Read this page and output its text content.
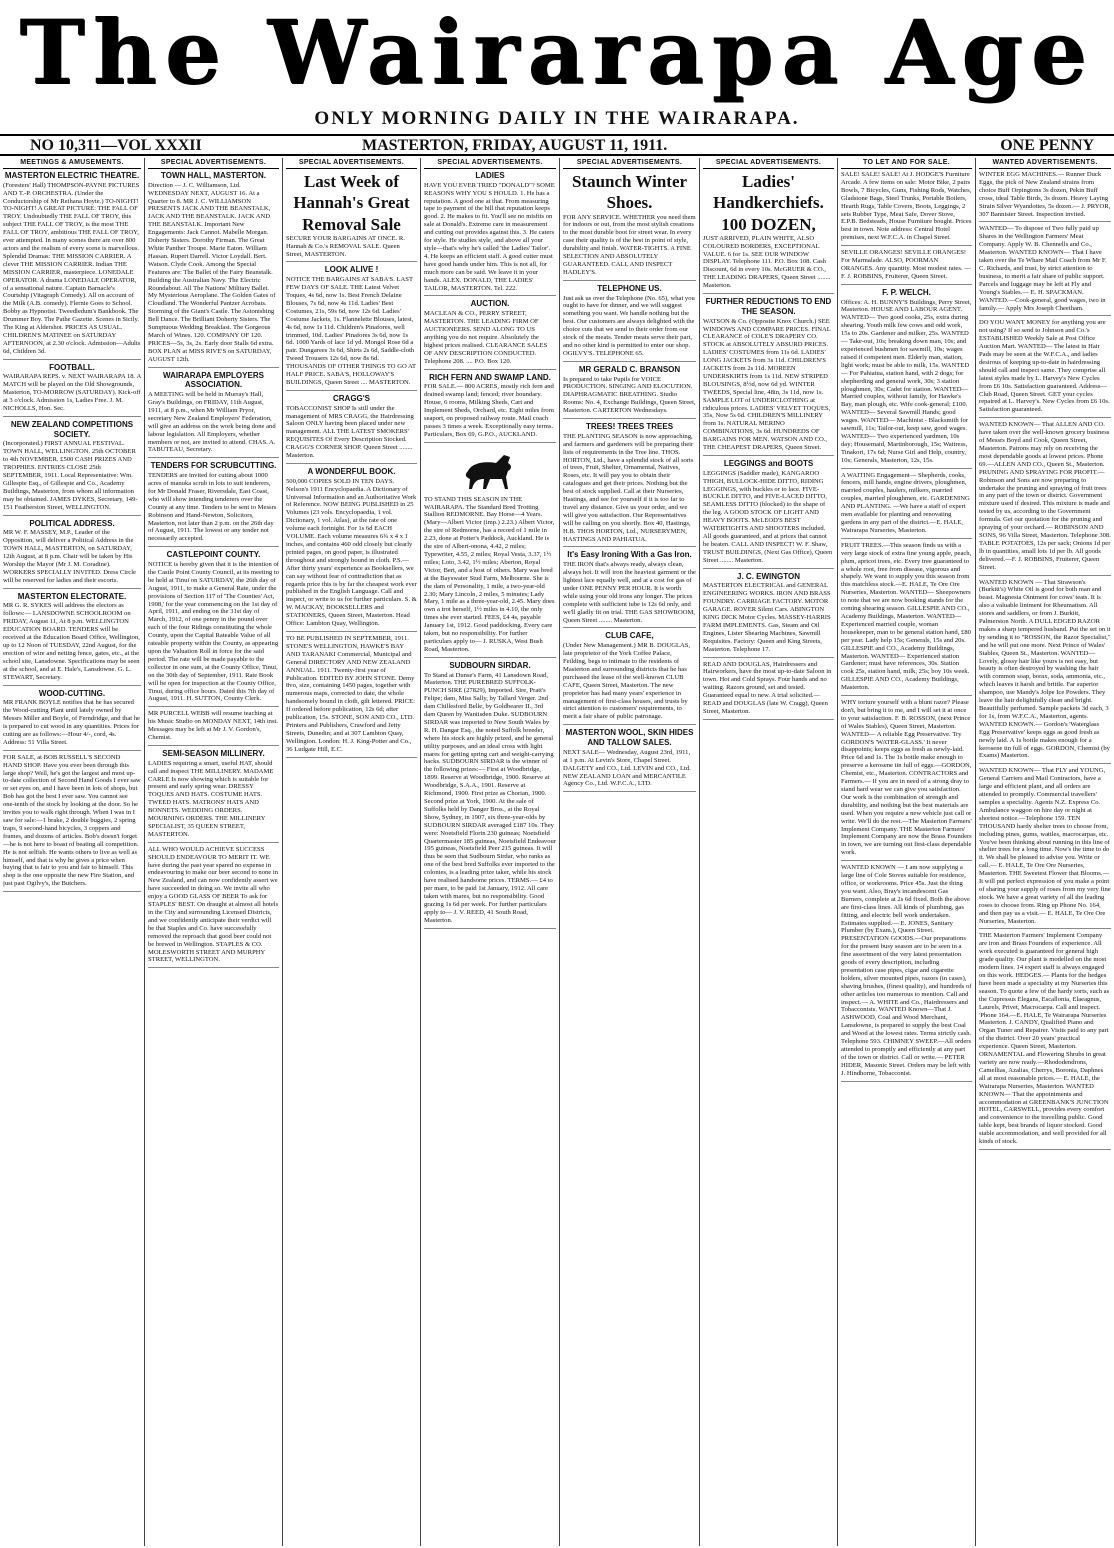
The Wairarapa Age
ONLY MORNING DAILY IN THE WAIRARAPA.
NO 10,311—VOL XXXII	MASTERTON, FRIDAY, AUGUST 11, 1911.	ONE PENNY
MEETINGS & AMUSEMENTS.
MASTERTON ELECTRIC THEATRE.
(Foresters' Hall) THOMPSON-PAYNE PICTURES AND T.-P. ORCHESTRA. (Under the Conductorship of Mr Reihana Hoyte.) TO-NIGHT! TO-NIGHT! A GREAT PICTURE: THE FALL OF TROY. Undoubtedly THE FALL OF TROY, this subject THE FALL OF TROY, is the most THE FALL OF TROY, ambitious THE FALL OF TROY, ever attempted. In many scenes there are over 800 actors and the realism of every scene is marvellous. Splendid Dramas: THE MISSION CARRIER. A clever THE MISSION CARRIER. Indian THE MISSION CARRIER, masterpiece. LONEDALE OPERATOR. A drama LONEDALE OPERATOR, of a sensational nature. Captain Barnacle's Courtship (Vitagraph Comedy). All on account of the Milk (A.B. comedy). Flernie Goes to School. Bobby as Hypnotist. Tweedledum's Bankbook. The Drummer Boy. The Pathe Gazette. Scenes in Sicily. The King at Aldershot. PRICES AS USUAL. CHILDREN'S MATINEE on SATURDAY AFTERNOON, at 2.30 o'clock. Admission—Adults 6d, Children 3d.
FOOTBALL.
WAIRARAPA REPS. v. NEXT WAIRARAPA 18. A MATCH will be played on the Old Showgrounds, Masterton, TO-MORROW (SATURDAY). Kick-off at 3 o'clock. Admission 1s, Ladies Free. J. M. NICHOLLS, Hon. Sec.
NEW ZEALAND COMPETITIONS SOCIETY.
(Incorporated.) FIRST ANNUAL FESTIVAL. TOWN HALL, WELLINGTON. 25th OCTOBER to 4th NOVEMBER. £500 CASH PRIZES AND TROPHIES. ENTRIES CLOSE 25th SEPTEMBER, 1911. Local Representative: Wm. Gillespie Esq., of Gillespie and Co., Academy Buildings, Masterton, from whom all information may be obtained. JAMES DYKES, Secretary, 149-151 Featherston Street, WELLINGTON.
POLITICAL ADDRESS.
MR W. F. MASSEY, M.P., Leader of the Opposition, will deliver a Political Address in the TOWN HALL, MASTERTON, on SATURDAY, 12th August, at 8 p.m. Chair will be taken by His Worship the Mayor (Mr J. M. Coradine). WORKERS SPECIALLY INVITED. Dress Circle will be reserved for ladies and their escorts.
MASTERTON ELECTORATE.
MR G. R. SYKES will address the electors as follows:— LANSDOWNE SCHOOLROOM on FRIDAY, August 11, At 8 p.m. WELLINGTON EDUCATION BOARD. TENDERS will be received at the Education Board Office, Wellington, up to 12 Noon of TUESDAY, 22nd August, for the erection of wire and netting fence, gates, etc., at the school site, Lansdowne. Specifications may be seen at the school, and at E. Hale's, Lansdowne. G. L. STEWART, Secretary.
WOOD-CUTTING.
MR FRANK BOYLE notifies that he has secured the Wood-cutting Plant until lately owned by Messrs Miller and Boyle, of Ferndridge, and that he is prepared to cut wood in any quantities. Prices for cutting are as follows:—Hour 4/-, cord, 4s. Address: 51 Villa Street.
FOR SALE, at BOB RUSSELL'S SECOND HAND SHOP. Have you ever been through this large shop? Well, he's got the largest and most up-to-date collection of Second Hand Goods I ever saw or set eyes on, and I have been in lots of shops, but Bob has got the best I ever saw. You cannot see one-tenth of the stock by looking at the door. So he invites you to walk right through. When I was in I saw for sale:—1 brake, 2 double buggies, 2 spring traps, 9 second-hand bicycles, 3 coppers and frames, and dozens of articles. Bob's doesn't forget—he is not here to boast of beating all competition. He is not selfish. He wants others to live as well as himself, and that is why he gives a price when buying that is fair to you and fair to himself. This shop is the one opposite the new Fire Station, and just past Ogilvy's, the Butchers.
SPECIAL ADVERTISEMENTS.
TOWN HALL, MASTERTON.
Direction — J. C. Williamson, Ltd. WEDNESDAY NEXT, AUGUST 16. At a Quarter to 8. MR J. C. WILLIAMSON PRESENTS JACK AND THE BEANSTALK, JACK AND THE BEANSTALK. JACK AND THE BEANSTALK. Important New Engagements: Jack Cannot. Mabelle Morgan. Doherty Sisters. Dorothy Firman. The Great White Panther Troupe. Marie Eaton. William Hassan. Rupert Darrell. Victor Loydall. Bert. Watson. Clyde Cook. Among the Special Features are: The Ballet of the Fairy Beanstalk. Building the Australian Navy. The Electric Roundabout. All The Nations' Military Ballet. My Mysterious Aeroplane. The Golden Gates of Cloudland. The Wonderful Pantzer Acrobats. Storming of the Giant's Castle. The Astonishing Bell Dance. The Brilliant Doherty Sisters. The Sumptuous Wedding Breakfast. The Gorgeous March of Wines. 120. COMPANY OF 120. PRICES—5s, 3s, 2s. Early door Stalls 6d extra. BOX PLAN at MISS RIVE'S on SATURDAY, AUGUST 12th.
WAIRARAPA EMPLOYERS ASSOCIATION.
A MEETING will be held in Murray's Hall, Gray's Buildings, on FRIDAY, 11th August, 1911, at 8 p.m., when Mr William Pryor, secretary New Zealand Employers' Federation, will give an address on the work being done and labour legislation. All Employers, whether members or not, are invited to attend. CHAS. A. TABUTEAU, Secretary.
TENDERS FOR SCRUBCUTTING.
TENDERS are invited for cutting about 1000 acres of manuka scrub in lots to suit tenderers, for Mr Donald Fraser, Riversdale, East Coast, who will show intending tenderers over the County at any time. Tenders to be sent to Messrs Robinson and Hand-Newton, Solicitors, Masterton, not later than 2 p.m. on the 26th day of August, 1911. The lowest or any tender not necessarily accepted.
CASTLEPOINT COUNTY.
NOTICE is hereby given that it is the intention of the Castle Point County Council, at its meeting to be held at Tinui on SATURDAY, the 26th day of August, 1911, to make a General Rate, under the provisions of Section 117 of 'The Counties' Act, 1908,' for the year commencing on the 1st day of April, 1911, and ending on the 31st day of March, 1912, of one penny in the pound over each of the four Ridings constituting the whole County, upon the Capital Rateable Value of all rateable property within the County, as appearing upon the Valuation Roll in force for the said period. The rate will be made payable to the collector in one sum, at the County Office, Tinui, on the 30th day of September, 1911. Rate Book will be open for inspection at the County Office, Tinui, during office hours. Dated this 7th day of August, 1911. H. SUTTON, County Clerk.
MR PURCELL WEBB will resume teaching at his Music Studio on MONDAY NEXT, 14th inst. Messages may be left at Mr J. V. Gordon's, Chemist.
SEMI-SEASON MILLINERY.
LADIES requiring a smart, useful HAT, should call and inspect THE MILLINERY. MADAME CARLE Is now showing which is suitable for present and early spring wear. DRESSY TOQUES AND HATS. COSTUME HATS. TWEED HATS. MATRONS' HATS AND BONNETS. WEDDING ORDERS. MOURNING ORDERS. THE MILLINERY SPECIALIST, 35 QUEEN STREET, MASTERTON.
ALL WHO WOULD ACHIEVE SUCCESS SHOULD ENDEAVOUR TO MERIT IT. WE have during the past year spared no expense in endeavouring to make our beer second to none in New Zealand, and can now confidently assert we have succeeded in doing so. We invite all who enjoy a GOOD GLASS OF BEER To ask for STAPLES' BEST. On draught at almost all hotels in the City and surrounding Licensed Districts, and we confidently anticipate their verdict will be that Staples and Co. have successfully removed the reproach that good beer could not be brewed in Wellington. STAPLES & CO. MOLESWORTH STREET AND MURPHY STREET, WELLINGTON.
SPECIAL ADVERTISEMENTS.
Last Week of Hannah's Great Removal Sale
SECURE YOUR BARGAINS AT ONCE. R. Hannah & Co.'s REMOVAL SALE. Queen Street, MASTERTON.
LOOK ALIVE !
NOTICE THE BARGAINS AT SABA'S. LAST FEW DAYS OF SALE. THE Latest Velvet Toques, 4s 6d, now 1s. Best French Delaine Blouses, 7s 6d, now 4s 11d. Ladies' Best Costumes, 21s, 59s 6d, now 12s 6d. Ladies' Costume Jackets, 1s. Flannelette Blouses, latest, 4s 6d, now 1s 11d. Children's Pinafores, well trimmed, 10d. Ladies' Pinafores 3s 6d, now 1s 6d. 1000 Yards of lace 1d yd. Mongol Rose 6d a pair. Dungarees 3s 6d, Shirts 2s 6d, Saddle-cloth Tweed Trousers 12s 6d, now 8s 6d. THOUSANDS OF OTHER THINGS TO GO AT HALF PRICE. SABA'S, HOLLOWAY'S BUILDINGS, Queen Street .... MASTERTON.
CRAGG'S
TOBACCONIST SHOP Is still under the management of MRS CRAGG, the Hairdressing Saloon ONLY having been placed under new management. ALL THE LATEST SMOKERS' REQUISITES Of Every Description Stocked. CRAGG'S CORNER SHOP. Queen Street ........ Masterton.
A WONDERFUL BOOK.
500,000 COPIES SOLD IN TEN DAYS. Nelson's 1911 Encyclopaedia. A Dictionary of Universal Information and an Authoritative Work of Reference. NOW BEING PUBLISHED in 25 Volumes (23 vols. Encyclopaedia, 1 vol. Dictionary, 1 vol. Atlas), at the rate of one volume each fortnight. For 1s 6d EACH VOLUME. Each volume measures 6¾ x 4 x 1 inches, and contains 460 odd closely but clearly printed pages, on good paper, is illustrated throughout and strongly bound in cloth. P.S.—After thirty years' experience as Booksellers, we can say without fear of contradiction that as regards price this is by far the cheapest work ever published in the English Language. Call and inspect, or write to us for further particulars. S. & W. MACKAY, BOOKSELLERS and STATIONERS, Queen Street, Masterton. Head Office: Lambton Quay, Wellington.
TO BE PUBLISHED IN SEPTEMBER, 1911. STONE'S WELLINGTON, HAWKE'S BAY AND TARANAKI Commercial, Municipal and General DIRECTORY AND NEW ZEALAND ANNUAL. 1911. Twenty-first year of Publication. EDITED BY JOHN STONE. Demy 8vo, size, containing 1450 pages, together with numerous maps, corrected to date, the whole handsomely bound in cloth, gilt lettered. PRICE: If ordered before publication, 12s 6d; after publication, 15s. STONE, SON AND CO., LTD. Printers and Publishers, Crawford and Jetty Streets, Dunedin; and at 307 Lambton Quay, Wellington. London: H. J. King-Potter and Co., 36 Ludgate Hill, E.C.
SPECIAL ADVERTISEMENTS.
LADIES
HAVE YOU EVER TRIED "DONALD"? SOME REASONS WHY YOU S HOULD. 1. He has a reputation. A good one at that. From measuring tape to payment of the bill that reputation keeps good. 2. He makes to fit. You'll see no misfits on sale at Donald's. Extreme care in measurement and cutting out provides against this. 3. He caters for style. He studies style, and above all your style—that's why he's called 'the Ladies' Tailor'. 4. He keeps an efficient staff. A good cutter must have good hands under him. This is not all, for much more can be said. We leave it in your hands. ALEX. DONALD, THE LADIES' TAILOR, MASTERTON. Tel. 222.
AUCTION.
MACLEAN & CO., PERRY STREET, MASTERTON. THE LEADING FIRM OF AUCTIONEERS. SEND ALONG TO US anything you do not require. Absolutely the highest prices realised. CLEARANCE SALES OF ANY DESCRIPTION CONDUCTED. Telephone 208. .... P.O. Box 120.
RICH FERN AND SWAMP LAND.
FOR SALE.— 800 ACRES, mostly rich fern and drained swamp land; fenced; river boundary. House, 6 rooms, Milking Sheds, Cart and Implement Sheds, Orchard, etc. Eight miles from seaport, on proposed railway route. Mail coach passes 3 times a week. Exceptionally easy terms. Particulars, Box 69, G.P.O., AUCKLAND.
TO STAND THIS SEASON IN THE WAIRARAPA. The Standard Bred Trotting Stallion REDMORNE. Bay Horse—4 Years. (Mary—Albert Victor (imp.) 2.23.) Albert Victor, the sire of Redmorne, has a record of 1 mile in 2.23, done at Potter's Paddock, Auckland. He is the sire of Albert-onona, 4.42, 2 miles; Typewriter, 4.55, 2 miles; Royal Vesta, 3.37, 1½ miles; Loto, 3.42, 1½ miles; Aberton, Royal Victor, Bert, and a host of others. Mary was bred at the Bayswater Stud Farm, Melbourne. She is the dam of Personality, 1 mile, a two-year-old 2.30; Mary Lincoln, 2 miles, 5 minutes; Lady Mary, 1 mile as a three-year-old, 2.45. Mary does own a trot herself, 1½ miles in 4.10, the only times she ever started. FEES, £4 4s, payable January 1st, 1912. Good paddocking. Every care taken, but no responsibility. For further particulars apply to— J. RUSKA, West Bush Road, Masterton.
SUDBOURN SIRDAR.
To Stand at Dunse's Farm, 41 Lansdown Road, Masterton. THE PUREBRED SUFFOLK-PUNCH SIRE (27829), Imported. Sire, Pratt's Felipe; dam, Miss Sally, by Tallard Verger. 2nd dam Chillesford Belle, by Goldbearer II., 3rd dam Queen by Wantisden Duke. SUDBOURN SIRDAR was imported to New South Wales by R. H. Dangar Esq., the noted Suffolk breeder, where his stock are highly prized, and he general utility purposes, and an ideal cross with light mares for getting spring cart and weight-carrying hacks. SUDBOURN SIRDAR is the winner of the following prizes:— First at Woodbridge, 1899. Reserve at Woodbridge, 1900. Reserve at Woodbridge, S.A.A., 1901. Reserve at Richmond, 1900. First prize as Chorian, 1900. Second prize at York, 1900. At the sale of Suffolks held by Danger Bros., at the Royal Show, Sydney, in 1907, six three-year-olds by SUDBOURN SIRDAR averaged £187 10s. They were: Noetsfield Florin 230 guineas; Noetsfield Quartermaster 185 guineas, Noetsfield Endeavour 195 guineas, Noetsfield Peer 215 guineas. It will thus be seen that Sudbourn Sirdar, who ranks as one of the best bred Suffolks ever imported to the colonies, is a leading prize taker, while his stock have realised handsome prices. TERMS.— £4 to per mare, to be paid 1st January, 1912. All care taken with mares, but no responsibility. Good grazing 1s 6d per week. For further particulars apply to— J. V. REED, 41 South Road, Masterton.
SPECIAL ADVERTISEMENTS.
Staunch Winter Shoes.
FOR ANY SERVICE. WHETHER you need them for indoors or out, from the most stylish creations to the most durable boot for street wear. In every case their quality is of the best in point of style, durability and finish. WATER-TIGHTS. A FINE SELECTION AND ABSOLUTELY GUARANTEED. CALL AND INSPECT HADLEY'S.
TELEPHONE US.
Just ask us over the Telephone (No. 65), what you ought to have for dinner, and we will suggest something you want. We handle nothing but the best. Our customers are always delighted with the choice cuts that we send to their order from our stock of the meats. Tender meats serve their part, and no other kind is permitted to enter our shop. OGILVY'S. TELEPHONE 65.
MR GERALD C. BRANSON
Is prepared to take Pupils for VOICE PRODUCTION. SINGING AND ELOCUTION. DIAPHRAGMATIC BREATHING. Studio Rooms: No. 4, Exchange Buildings, Queen Street, Masterton. CARTERTON Wednesdays.
TREES! TREES TREES
THE PLANTING SEASON is now approaching, and farmers and gardeners will be preparing their lists of requirements in the Tree line. THOS. HORTON, Ltd., have a splendid stock of all sorts of trees, Fruit, Shelter, Ornamental, Natives, Roses, etc. It will pay you to obtain their catalogues and get their prices. Nothing but the best of stock supplied. Call at their Nurseries, Hastings, and see for yourself if it is too far to travel any distance. Give us your order, and we will give you satisfaction. Our Representatives will be calling on you shortly. Box 40, Hastings, H.B. THOS HORTON, Ltd., NURSERYMEN, HASTINGS AND PAHIATUA.
It's Easy Ironing With a Gas Iron.
THE IRON that's always ready, always clean, always hot. It will iron the heaviest garment or the lightest lace equally well, and at a cost for gas of under ONE PENNY PER HOUR. It is worth while using your old irons any longer. The prices complete with sufficient tube is 12s 6d only, and we'll gladly fit on trial. THE GAS SHOWROOM, Queen Street ........ Masterton.
CLUB CAFE,
(Under New Management.) MR B. DOUGLAS, late proprietor of the York Coffee Palace, Feilding, begs to intimate to the residents of Masterton and surrounding districts that he has purchased the lease of the well-known CLUB CAFE, Queen Street, Masterton. The new proprietor has had many years' experience in management of first-class houses, and trusts by strict attention to customers' requirements, to merit a fair share of public patronage.
MASTERTON WOOL, SKIN HIDES AND TALLOW SALES.
NEXT SALE— Wednesday, August 23rd, 1911, at 1 p.m. At Levin's Store, Chapel Street. DALGETY and CO., Ltd. LEVIN and CO., Ltd. NEW ZEALAND LOAN and MERCANTILE Agency Co., Ltd. W.F.C.A., LTD.
SPECIAL ADVERTISEMENTS.
Ladies' Handkerchiefs. 100 DOZEN,
JUST ARRIVED, PLAIN WHITE, ALSO COLOURED BORDERS, EXCEPTIONAL VALUE. 6 for 1s. SEE OUR WINDOW DISPLAY. Telephone 111. P.O. Box 108. Cash Discount, 6d in every 10s. McGRUER & CO., THE LEADING DRAPERS, Queen Street ........ Masterton.
FURTHER REDUCTIONS TO END THE SEASON.
WATSON & Co. (Opposite Knox Church.) SEE WINDOWS AND COMPARE PRICES. FINAL CLEARANCE of COLE'S DRAPERY CO. STOCK at ABSOLUTELY ABSURD PRICES. LADIES' COSTUMES from 11s 6d. LADIES' LONG JACKETS from 3s 11d. CHILDREN'S JACKETS from 2s 11d. MOREEN UNDERSKIRTS from 1s 11d. NEW STRIPED BLOUSINGS, 8½d, now 6d yd. WINTER TWEEDS, Special line, 48in, 3s 11d, now 1s. SAMPLE LOT of UNDERCLOTHING at ridiculous prices. LADIES' VELVET TOQUES, 35s, Now 5s 6d. CHILDREN'S MILLINERY from 1s. NATURAL MERINO COMBINATIONS, 3s 6d. HUNDREDS OF BARGAINS FOR MEN. WATSON AND CO., THE CHEAPEST DRAPERS, Queen Street.
LEGGINGS and BOOTS
LEGGINGS (Saddler made), KANGAROO THIGH, BULLOCK-HIDE DITTO, RIDING LEGGINGS, with buckles or to lace. FIVE-BUCKLE DITTO, and FIVE-LACED DITTO, SEAMLESS DITTO (blocked) to the shape of the leg. A GOOD STOCK OF LIGHT AND HEAVY BOOTS. McLEOD'S BEST WATERTIGHTS AND SHOOTERS included. All goods guaranteed, and at prices that cannot be beaten. CALL AND INSPECT! W. F. Shaw, TRUST BUILDINGS, (Next Gas Office), Queen Street ........ Masterton.
J. C. EWINGTON
MASTERTON ELECTRICAL and GENERAL ENGINEERING WORKS. IRON AND BRASS FOUNDRY. CARRIAGE FACTORY. MOTOR GARAGE. ROVER Silent Cars. ABINGTON KING DICK Motor Cycles. MASSEY-HARRIS FARM IMPLEMENTS. Gas, Steam and Oil Engines, Lister Shearing Machines, Sawmill Requisites. Factory: Queen and King Streets, Masterton. Telephone 17.
READ AND DOUGLAS, Hairdressers and Hairworkers, have the most up-to-date Saloon in town. Hot and Cold Sprays. Four hands and no waiting. Razors ground, set and tested. Guaranteed equal to new. A trial solicited.—READ and DOUGLAS (late W. Cragg), Queen Street, Masterton.
TO LET AND FOR SALE.
SALE! SALE! SALE! At J. HODGE'S Furniture Arcade. A few items on sale: Motor Bike, 2 pairs Bowls, 7 Bicycles, Guns, Fishing Rods, Watches, Gladstone Bags, Steel Trunks, Portable Boilers, Hearth Rugs, Table Covers, Boots, Leggings, 2 sets Rubber Type, Meat Safe, Dover Stove, E.P.B. Bedsteads, House Furniture bought. Prices best in town. Note address: Central Hotel premises, next W.F.C.A. in Chapel Street.
SEVILLE ORANGES! SEVILLE ORANGES! For Marmalade. ALSO, POORMAN ORANGES. Any quantity. Most modest rates. —F. J. ROBBINS, Fruiterer, Queen Street.
F. P. WELCH.
Offices: A. H. BUNNY'S Buildings, Perry Street, Masterton. HOUSE AND LABOUR AGENT. WANTED— Two good cooks, 25s, extra during shearing. Youth milk few cows and odd work, 15s to 20s. Gardener and milker, 25s. WANTED— Take-out, 10s; breaking down man, 10s; and experienced bushmen for sawmill, 10s; wages raised if competent men. Elderly man, station, light work; must be able to milk, 15s. WANTED— For Pahiatua, station hand, with 2 dogs; for shepherding and general work, 30s; 3 station ploughmen, 30s; Cadet for station. WANTED— Married couples, without family, for Hawke's Bay, man plough, etc. Wife cook-general; £100. WANTED— Several Sawmill Hands; good wages. WANTED— Machinist - Blacksmith for sawmill, 11s; Tailor-out, keep saw, good wages. WANTED— Two experienced yardmen, 10s day; Housemaid, Martinborough, 15s; Waitress, Tinakori, 17s 6d; Nurse Girl and Help, country, 10s; Generals, Masterton, 12s, 15s.
A WAITING Engagement— Shepherds, cooks, fencers, mill hands, engine drivers, ploughmen, married couples, haulers, milkers, married couples, married ploughmen, etc. GARDENING AND PLANTING. —We have a staff of expert men available for planting and renovating gardens in any part of the district.—E. HALE, Wairarapa Nurseries, Masterton.
FRUIT TREES.—This season finds us with a very large stock of extra fine young apple, peach, plum, apricot trees, etc. Every tree guaranteed to a whole root, free from disease, vigorous and shapely. We want to supply you this season from this matchless stock.—E. HALE, Te Ore Ore Nurseries, Masterton. WANTED— Sheepowners to note that we are now booking stands for the coming shearing season. GILLESPIE AND CO., Academy Buildings, Masterton. WANTED— Experienced married couple, woman housekeeper, man to be general station hand, £80 per year. Lady help 15s; Generals, 15s and 20s. GILLESPIE and CO., Academy Buildings, Masterton. WANTED— Experienced station Gardener; must have references, 30s. Station cook 25s, station hand, milk, 25s; boy 10s week. GILLESPIE AND CO., Academy Buildings, Masterton.
WHY torture yourself with a blunt razor? Please don't, but bring it to me, and I will set it at once to your satisfaction. F. B. ROSSON, (next Prince of Wales Stables), Queen Street, Masterton. WANTED— A reliable Egg Preservative. Try GORDON'S 'WATER-GLASS.' It never disappoints; keeps eggs as fresh as newly-laid. Price 6d and 1s. The 1s bottle make enough to preserve a kerosene tin full of eggs.—GORDON, Chemist, etc., Masterton. CONTRACTORS and Farmers.— If you are in need of a strong dray to stand hard wear we can give you satisfaction. Our work is the combination of strength and durability, and nothing but the best materials are used. When you require a new vehicle just call or write. We'll do the rest.—The Masterton Farmers' Implement Company. THE Masterton Farmers' Implement Company are now the Brass Founders in town, we are turning out first-class dependable work.
WANTED KNOWN — I am now supplying a large line of Cole Stoves suitable for residence, office, or workrooms. Price 45s. Just the thing you want. Also, Bray's incandescent Gas Burners, complete at 2s 6d fixed. Both the above are first-class lines. All kinds of plumbing, gas fitting, and electric bell work undertaken. Estimates supplied.— E. JONES, Sanitary Plumber (by Exam.), Queen Street. PRESENTATION GOODS.—Our preparations for the present busy season are to be seen in a fine assortment of the very latest presentation goods of every description, including presentation case pipes, cigar and cigarette holders, silver mounted pipes, razors (in cases), shaving brushes, (finest quality), and hundreds of other articles too numerous to mention. Call and inspect.— A. WHITE and Co., Hairdressers and Tobacconists. WANTED Known—That J. ASHWOOD, Coal and Wood Merchant, Lansdowne, is prepared to supply the best Coal and Wood at the lowest rates. Terms strictly cash. Telephone 593. CHIMNEY SWEEP.—All orders attended to promptly and efficiently at any part of the town or district. Call or write.— PETER HIDER, Masonic Street. Orders may be left with J. Hindhorne, Tobacconist.
WANTED ADVERTISEMENTS.
WINTER EGG MACHINES.— Runner Duck Eggs, the pick of New Zealand strains from choice Buff Orpingtons 3s dozen, Pekin Buff cross, ideal Table Birds, 3s dozen. Heavy Laying Strain Silver Wyandottes, 5s dozen.— J. PRYOR, 307 Bannister Street. Inspection invited.
WANTED— To dispose of Two fully paid up Shares in the Wellington Farmers' Meat Company. Apply W. B. Chennells and Co., Masterton. WANTED KNOWN— That I have taken over the Te Whare Mail Coach from Mr F. C. Richards, and trust, by strict attention to business, to merit a fair share of public support. Parcels and luggage may be left at Fly and Young's Stables.— E. H. SPACKMAN. WANTED.—Cook-general, good wages, two in family.— Apply Mrs Joseph Cheetham.
DO YOU WANT MONEY for anything you are not using? If so send to Johnson and Co.'s ESTABLISHED Weekly Sale at Post Office Auction Mart. WANTED— The latest in Hair Pads may be seen at the W.F.C.A., and ladies desirous of keeping up-to-date in hairdressing should call and inspect same. They comprise all latest styles made by L. Harvey's New Cycles from £6 10s. Satisfaction guaranteed. Address—Club Road, Queen Street. GET your cycles repaired at L. Harvey's. New Cycles from £6 10s. Satisfaction guaranteed.
WANTED KNOWN— That ALLEN AND CO. have taken over the well-known grocery business of Messrs Boyd and Cook, Queen Street, Masterton. Patrons may rely on receiving the most dependable goods at lowest prices. Phone 69.—ALLEN AND CO., Queen St., Masterton. PRUNING AND SPRAYING FOR PROFIT.—Robinson and Sons are now preparing to undertake the pruning and spraying of fruit trees in any part of the town or district. Government mixture used if desired. This mixture is made and tested by us, according to the Government formula. Get our quotation for the pruning and spraying of your orchard.— ROBINSON AND SONS, 96 Villa Street, Masterton. Telephone 308. TABLE POTATOES, 12s per sack; Onions 1d per lb in quantities, small lots 1d per lb. All goods delivered.—F. J. ROBBINS, Fruiterer, Queen Street.
WANTED KNOWN — That Strawson's (Burkitt's) White Oil is good for both man and beast. Magnesia Ointment for cows' teats. It is also a valuable liniment for Rheumatism. All stores and saddlers, or from J. Burkitt, Palmerston North. A DULL EDGED RAZOR makes a sharp tempered husband. Put the set on it by sending it to "ROSSON, the Razor Specialist," and he will put one more. Next Prince of Wales' Stables, Queen St., Masterton. WANTED— Lovely, glossy hair like yours is not easy, but beauty is often destroyed by washing the hair with common soap, borax, soda, ammonia, etc., which leaves it harsh and brittle. Far superior shampoo, use Mandy's Jolpe Ice Powders. They leave the hair delightfully clean and bright. Beautifully perfumed. Sample packets 3d each, 3 for 1s, from W.F.C.A., Masterton, agents. WANTED KNOWN.— Gordon's 'Waterglass Egg Preservative' keeps eggs as good fresh as newly laid. A 1s bottle makes enough for a kerosene tin full of eggs. GORDON, Chemist (by Exams) Masterton.
WANTED KNOWN— That FLY and YOUNG, General Carriers and Mail Contractors, have a large and efficient plant, and all orders are attended to promptly. Commercial travellers' samples a speciality. Agents N.Z. Express Co. Ambulance waggon on hire day or night at shortest notice.—Telephone 159. TEN THOUSAND hardy shelter trees to choose from, including pines, gums, wattles, macrocarpas, etc. You've been thinking about running in this line of shelter trees for a long time. Now's the time to do it. We shall be pleased to advise you. Write or call.— E. HALE, Te Ore Ore Nurseries, Masterton. THE Sweetest Flower that Blooms.—It will put perfect expression of you make a point of sharing your supply of roses from my very fine stock. We have a great variety of all the leading roses to choose from. Ring up Phone No. 164, and then pay us a visit.— E. HALE, Te Ore Ore Nurseries, Masterton.
THE Masterton Farmers' Implement Company are iron and Brass Founders of experience. All work executed is guaranteed for general high grade quality. Our plant is modelled on the most modern lines. 14 expert staff is always engaged on this work. HEDGES.— Plants for the hedges have been made a speciality at my Nurseries this season. To quote a few of the hardy sorts, such as the Cupressus Elegans, Escallonia, Elaeagnus, Laurels, Privet, Macrocarpa. Call and inspect. 'Phone 164.—E. HALE, Te Wairarapa Nurseries Masterton. J. CANDY, Qualified Piano and Organ Tuner and Repairer. Visits paid to any part of the district. Over 20 years' practical experience. Queen Street, Masterton. ORNAMENTAL and Flowering Shrubs in great variety are now ready.—Rhododendrons, Camellias, Azalias, Cherrys, Boronia, Daphnes all at most reasonable prices.— E. HALE, the Wairarapa Nurseries, Masterton. WANTED KNOWN— That the appointments and accommodation at GREENBANK'S JUNCTION HOTEL, CARSWELL, provides every comfort and convenience to the travelling public. Good table kept, best brands of liquor stocked. Good stable accommodation, and well provided for all kinds of stock.
